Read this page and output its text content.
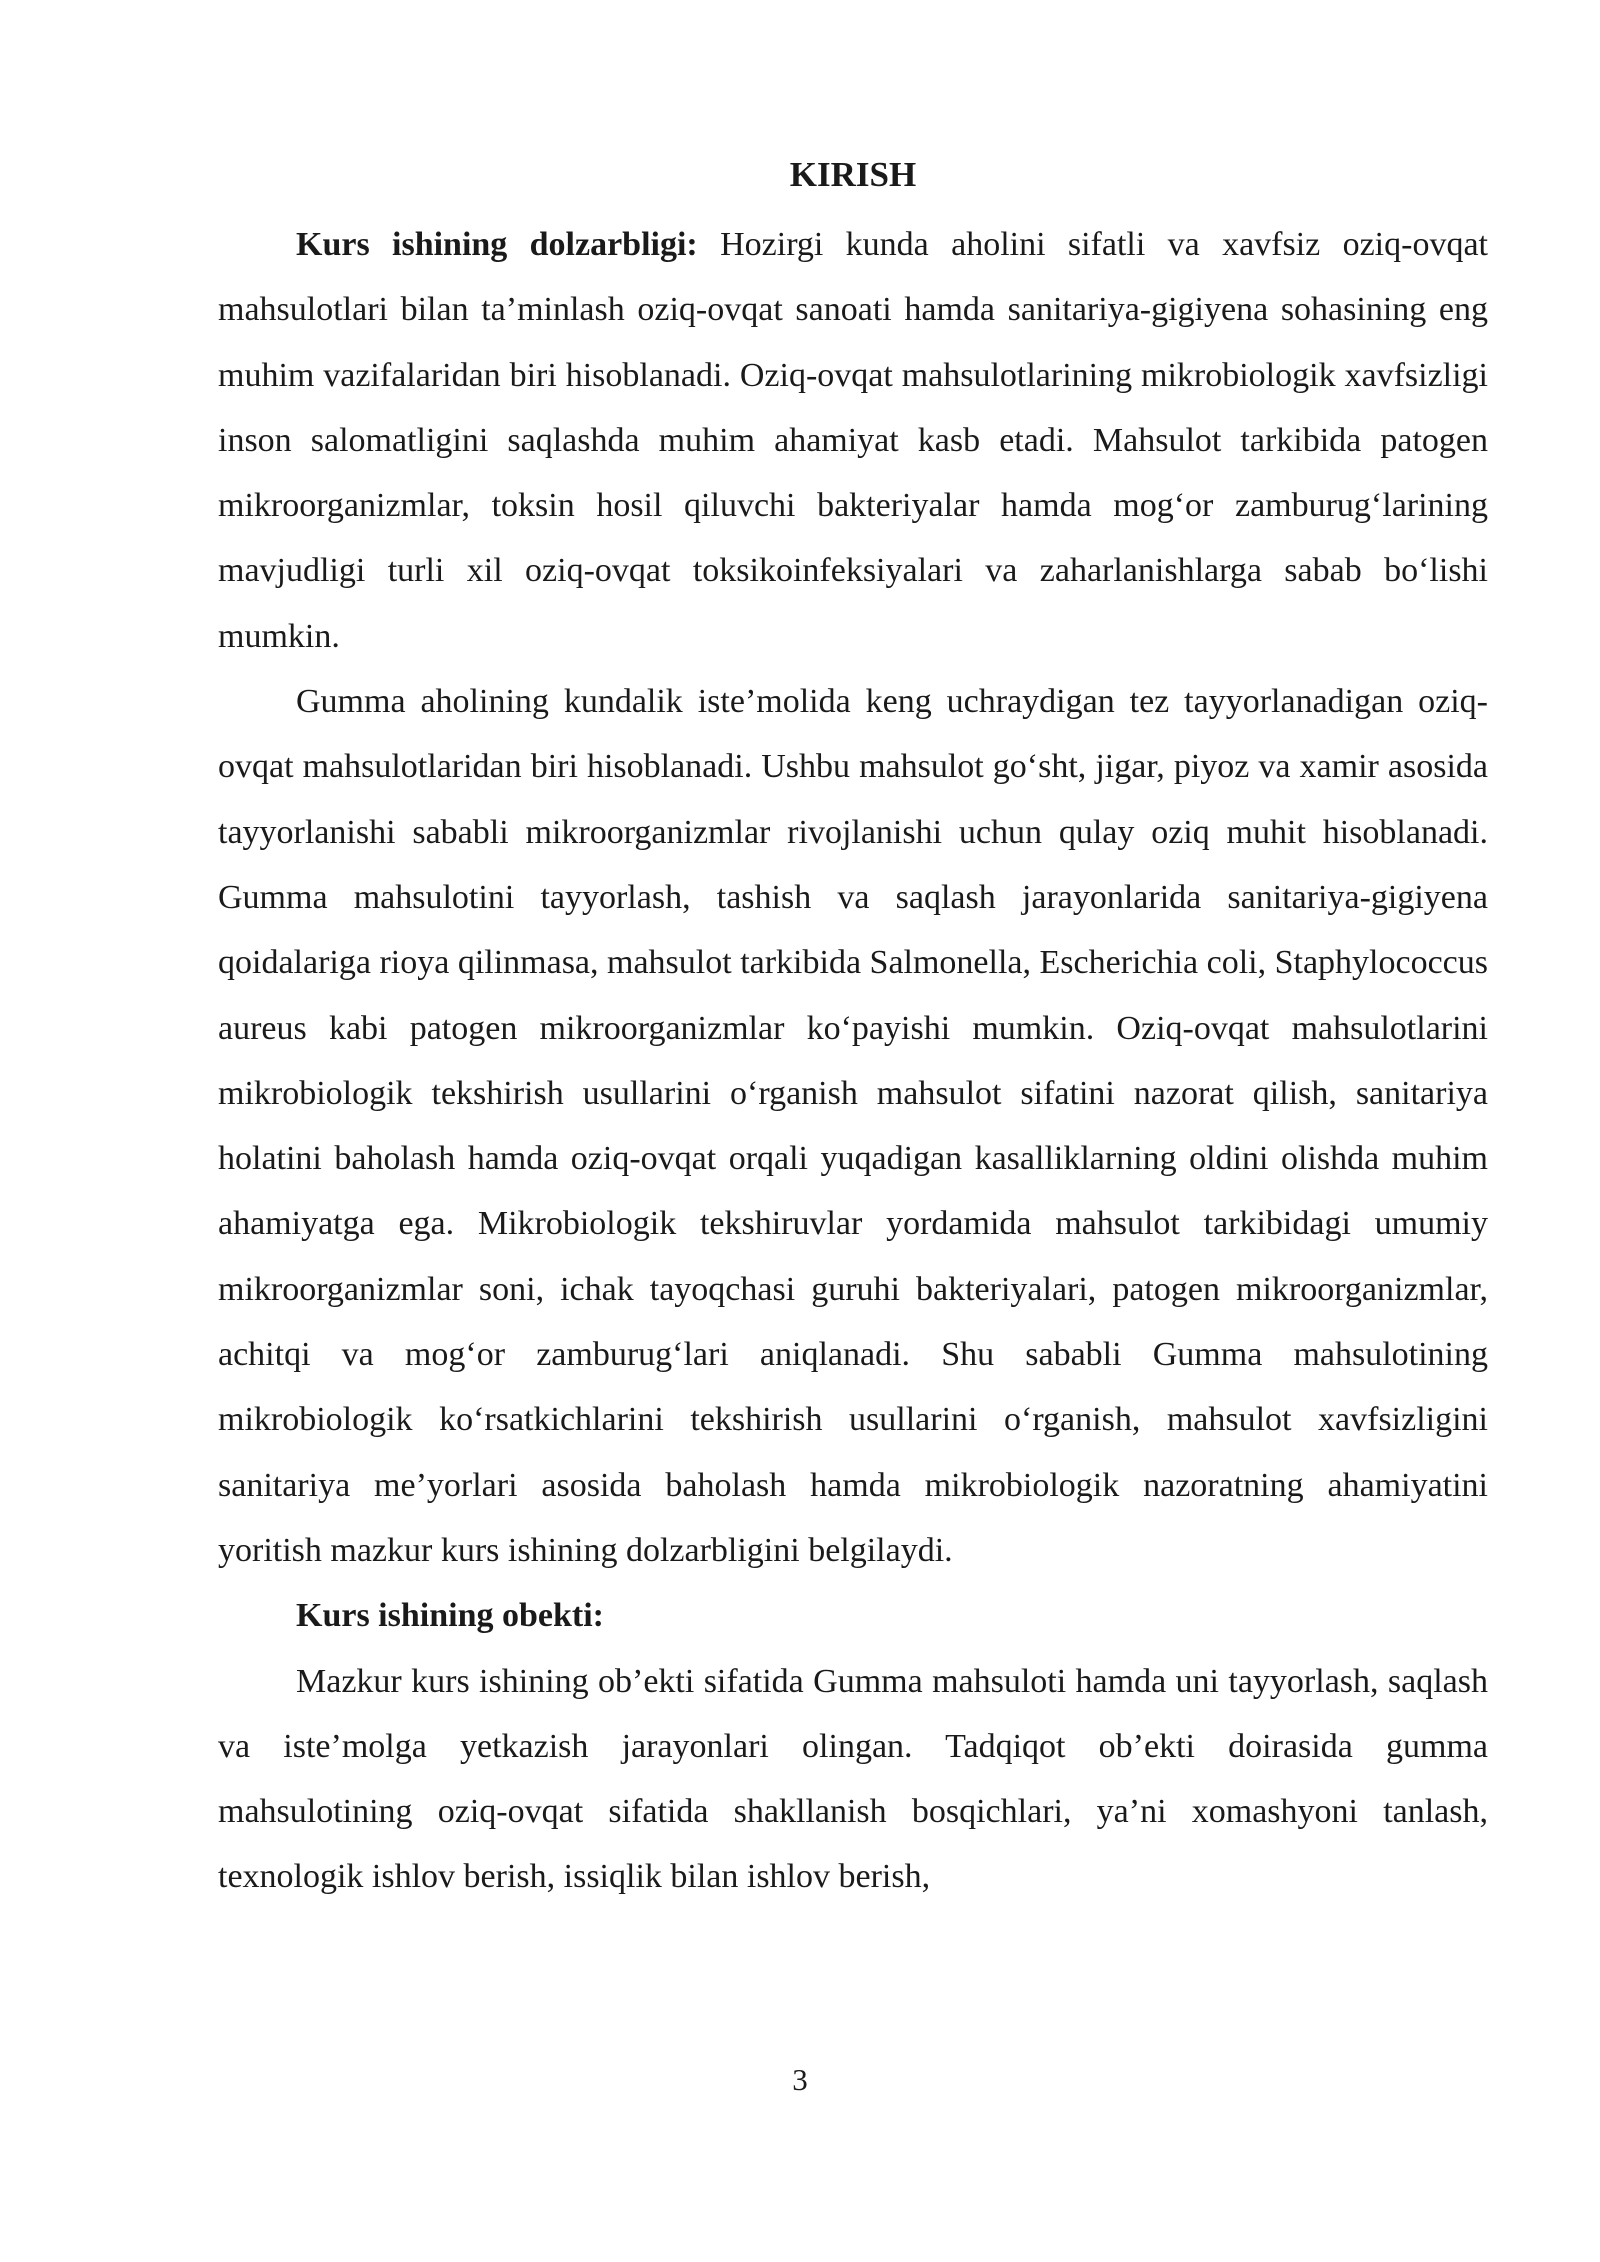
KIRISH

Kurs ishining dolzarbligi: Hozirgi kunda aholini sifatli va xavfsiz oziq-ovqat mahsulotlari bilan ta’minlash oziq-ovqat sanoati hamda sanitariya-gigiyena sohasining eng muhim vazifalaridan biri hisoblanadi. Oziq-ovqat mahsulotlarining mikrobiologik xavfsizligi inson salomatligini saqlashda muhim ahamiyat kasb etadi. Mahsulot tarkibida patogen mikroorganizmlar, toksin hosil qiluvchi bakteriyalar hamda mog‘or zamburug‘larining mavjudligi turli xil oziq-ovqat toksikoinfeksiyalari va zaharlanishlarga sabab bo‘lishi mumkin.

Gumma aholining kundalik iste’molida keng uchraydigan tez tayyorlanadigan oziq-ovqat mahsulotlaridan biri hisoblanadi. Ushbu mahsulot go‘sht, jigar, piyoz va xamir asosida tayyorlanishi sababli mikroorganizmlar rivojlanishi uchun qulay oziq muhit hisoblanadi. Gumma mahsulotini tayyorlash, tashish va saqlash jarayonlarida sanitariya-gigiyena qoidalariga rioya qilinmasa, mahsulot tarkibida Salmonella, Escherichia coli, Staphylococcus aureus kabi patogen mikroorganizmlar ko‘payishi mumkin. Oziq-ovqat mahsulotlarini mikrobiologik tekshirish usullarini o‘rganish mahsulot sifatini nazorat qilish, sanitariya holatini baholash hamda oziq-ovqat orqali yuqadigan kasalliklarning oldini olishda muhim ahamiyatga ega. Mikrobiologik tekshiruvlar yordamida mahsulot tarkibidagi umumiy mikroorganizmlar soni, ichak tayoqchasi guruhi bakteriyalari, patogen mikroorganizmlar, achitqi va mog‘or zamburug‘lari aniqlanadi. Shu sababli Gumma mahsulotining mikrobiologik ko‘rsatkichlarini tekshirish usullarini o‘rganish, mahsulot xavfsizligini sanitariya me’yorlari asosida baholash hamda mikrobiologik nazoratning ahamiyatini yoritish mazkur kurs ishining dolzarbligini belgilaydi.

Kurs ishining obekti:

Mazkur kurs ishining ob’ekti sifatida Gumma mahsuloti hamda uni tayyorlash, saqlash va iste’molga yetkazish jarayonlari olingan. Tadqiqot ob’ekti doirasida gumma mahsulotining oziq-ovqat sifatida shakllanish bosqichlari, ya’ni xomashyoni tanlash, texnologik ishlov berish, issiqlik bilan ishlov berish,

3
